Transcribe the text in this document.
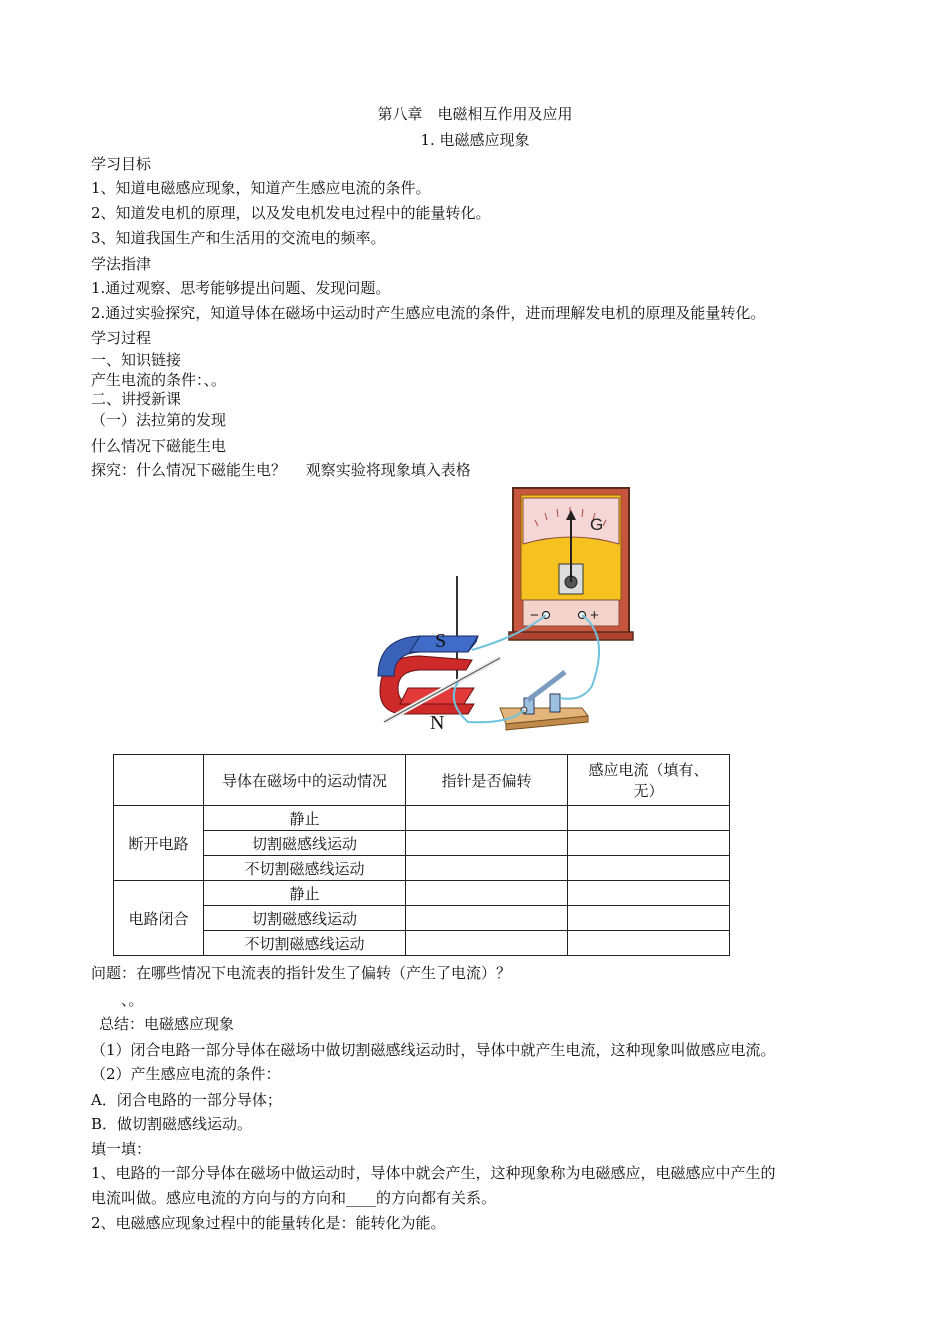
第八章　电磁相互作用及应用
1. 电磁感应现象
学习目标
1、知道电磁感应现象，知道产生感应电流的条件。
2、知道发电机的原理，以及发电机发电过程中的能量转化。
3、知道我国生产和生活用的交流电的频率。
学法指津
1.通过观察、思考能够提出问题、发现问题。
2.通过实验探究，知道导体在磁场中运动时产生感应电流的条件，进而理解发电机的原理及能量转化。
学习过程
一、知识链接
产生电流的条件：、。
二、讲授新课
（一）法拉第的发现
什么情况下磁能生电
探究：什么情况下磁能生电？　 观察实验将现象填入表格
G
−	+
S
N
	导体在磁场中的运动情况	指针是否偏转	感应电流（填有、
无）
断开电路	静止		
	切割磁感线运动		
	不切割磁感线运动		
电路闭合	静止		
	切割磁感线运动		
	不切割磁感线运动		
问题：在哪些情况下电流表的指针发生了偏转（产生了电流）？
、。
总结：电磁感应现象
（1）闭合电路一部分导体在磁场中做切割磁感线运动时，导体中就产生电流，这种现象叫做感应电流。
（2）产生感应电流的条件：
A．闭合电路的一部分导体；
B．做切割磁感线运动。
填一填：
1、电路的一部分导体在磁场中做运动时，导体中就会产生，这种现象称为电磁感应，电磁感应中产生的
电流叫做。感应电流的方向与的方向和____的方向都有关系。
2、电磁感应现象过程中的能量转化是：能转化为能。
